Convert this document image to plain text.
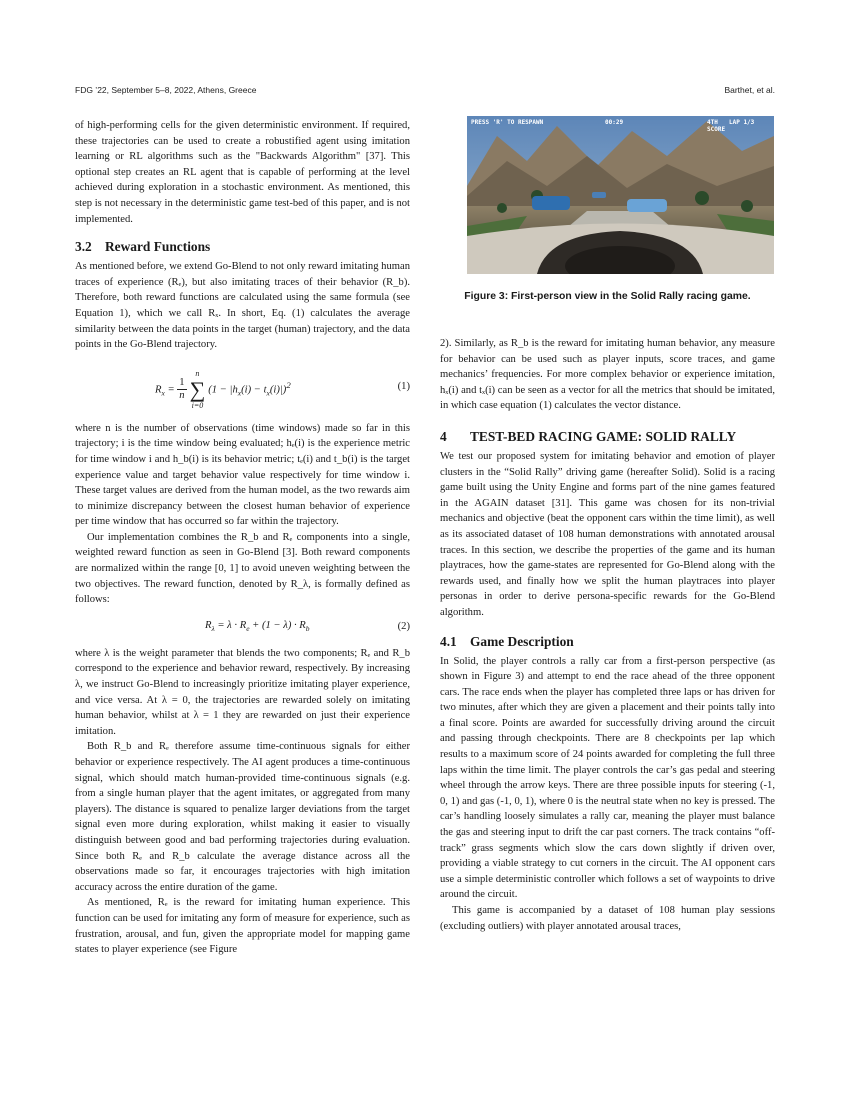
FDG ’22, September 5–8, 2022, Athens, Greece	Barthet, et al.

of high-performing cells for the given deterministic environment. If required, these trajectories can be used to create a robustified agent using imitation learning or RL algorithms such as the "Backwards Algorithm" [37]. This optional step creates an RL agent that is capable of performing at the level achieved during exploration in a stochastic environment. As mentioned, this step is not necessary in the deterministic game test-bed of this paper, and is not implemented.

3.2 Reward Functions

As mentioned before, we extend Go-Blend to not only reward imitating human traces of experience (Rₑ), but also imitating traces of their behavior (R_b). Therefore, both reward functions are calculated using the same formula (see Equation 1), which we call Rₓ. In short, Eq. (1) calculates the average similarity between the data points in the target (human) trajectory, and the data points in the Go-Blend trajectory.

$R_x = \frac{1}{n}$
n
∑
$i=0(1 - |h_x(i) - t_x(i)|)^2$	(1)

where n is the number of observations (time windows) made so far in this trajectory; i is the time window being evaluated; hₑ(i) is the experience metric for time window i and h_b(i) is its behavior metric; tₑ(i) and t_b(i) is the target experience value and target behavior value respectively for time window i. These target values are derived from the human model, as the two rewards aim to minimize discrepancy between the closest human behavior of experience per time window that has occurred so far within the trajectory.

Our implementation combines the R_b and Rₑ components into a single, weighted reward function as seen in Go-Blend [3]. Both reward components are normalized within the range [0, 1] to avoid uneven weighting between the two objectives. The reward function, denoted by R_λ, is formally defined as follows:

$R_\lambda = \lambda \cdot R_e + (1 - \lambda) \cdot R_b$	(2)

where λ is the weight parameter that blends the two components; Rₑ and R_b correspond to the experience and behavior reward, respectively. By increasing λ, we instruct Go-Blend to increasingly prioritize imitating player experience, and vice versa. At λ = 0, the trajectories are rewarded solely on imitating human behavior, whilst at λ = 1 they are rewarded on just their experience imitation.

Both R_b and Rₑ therefore assume time-continuous signals for either behavior or experience respectively. The AI agent produces a time-continuous signal, which should match human-provided time-continuous signals (e.g. from a single human player that the agent imitates, or aggregated from many players). The distance is squared to penalize larger deviations from the target signal even more during exploration, whilst making it easier to visually distinguish between good and bad performing trajectories during evaluation. Since both Rₑ and R_b calculate the average distance across all the observations made so far, it encourages trajectories with high imitation accuracy across the entire duration of the game.

As mentioned, Rₑ is the reward for imitating human experience. This function can be used for imitating any form of measure for experience, such as frustration, arousal, and fun, given the appropriate model for mapping game states to player experience (see Figure

PRESS 'R' TO RESPAWN	00:29	4TH LAP 1/3
SCORE
Figure 3: First-person view in the Solid Rally racing game.

2). Similarly, as R_b is the reward for imitating human behavior, any measure for behavior can be used such as player inputs, score traces, and game mechanics’ frequencies. For more complex behavior or experience imitation, hₓ(i) and tₓ(i) can be seen as a vector for all the metrics that should be imitated, in which case equation (1) calculates the vector distance.

4 TEST-BED RACING GAME: SOLID RALLY

We test our proposed system for imitating behavior and emotion of player clusters in the “Solid Rally” driving game (hereafter Solid). Solid is a racing game built using the Unity Engine and forms part of the nine games featured in the AGAIN dataset [31]. This game was chosen for its non-trivial mechanics and objective (beat the opponent cars within the time limit), as well as its associated dataset of 108 human demonstrations with annotated arousal traces. In this section, we describe the properties of the game and its human playtraces, how the game-states are represented for Go-Blend along with the rewards used, and finally how we split the human playtraces into player personas in order to derive persona-specific rewards for the Go-Blend algorithm.

4.1 Game Description

In Solid, the player controls a rally car from a first-person perspective (as shown in Figure 3) and attempt to end the race ahead of the three opponent cars. The race ends when the player has completed three laps or has driven for two minutes, after which they are given a placement and their points tally into a final score. Points are awarded for successfully driving around the circuit and passing through checkpoints. There are 8 checkpoints per lap which results to a maximum score of 24 points awarded for completing the full three laps within the time limit. The player controls the car’s gas pedal and steering wheel through the arrow keys. There are three possible inputs for steering (-1, 0, 1) and gas (-1, 0, 1), where 0 is the neutral state when no key is pressed. The car’s handling loosely simulates a rally car, meaning the player must balance the gas and steering input to drift the car past corners. The track contains “off-track” grass segments which slow the cars down slightly if driven over, providing a viable strategy to cut corners in the circuit. The AI opponent cars use a simple deterministic controller which follows a set of waypoints to drive around the circuit.

This game is accompanied by a dataset of 108 human play sessions (excluding outliers) with player annotated arousal traces,
